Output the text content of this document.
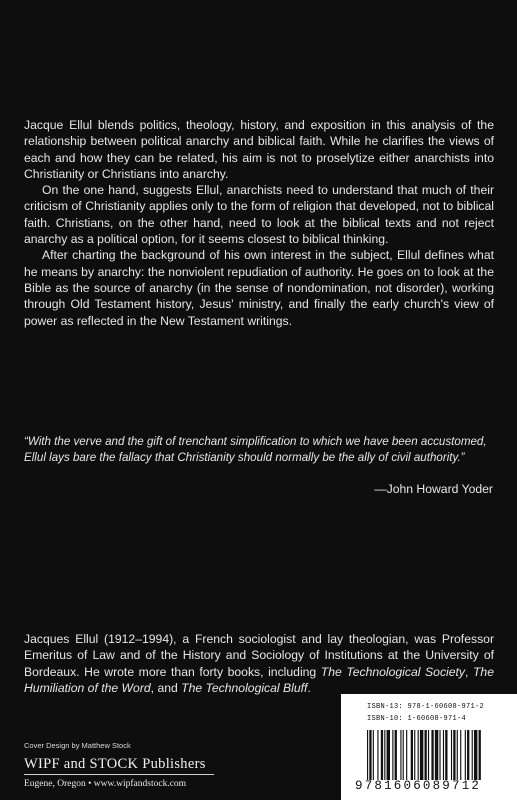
Jacque Ellul blends politics, theology, history, and exposition in this analysis of the relationship between political anarchy and biblical faith. While he clarifies the views of each and how they can be related, his aim is not to proselytize either anarchists into Christianity or Christians into anarchy.

On the one hand, suggests Ellul, anarchists need to understand that much of their criticism of Christianity applies only to the form of religion that developed, not to biblical faith. Christians, on the other hand, need to look at the biblical texts and not reject anarchy as a political option, for it seems closest to biblical thinking.

After charting the background of his own interest in the subject, Ellul defines what he means by anarchy: the nonviolent repudiation of authority. He goes on to look at the Bible as the source of anarchy (in the sense of nondomination, not disorder), working through Old Testament history, Jesus' ministry, and finally the early church's view of power as reflected in the New Testament writings.

“With the verve and the gift of trenchant simplification to which we have been accustomed, Ellul lays bare the fallacy that Christianity should normally be the ally of civil authority.”
—John Howard Yoder
Jacques Ellul (1912–1994), a French sociologist and lay theologian, was Professor Emeritus of Law and of the History and Sociology of Institutions at the University of Bordeaux. He wrote more than forty books, including The Technological Society, The Humiliation of the Word, and The Technological Bluff.
Cover Design by Matthew Stock
WIPF and STOCK Publishers
Eugene, Oregon • www.wipfandstock.com
ISBN-13: 978-1-60608-971-2
ISBN-10: 1-60608-971-4
9781606089712
